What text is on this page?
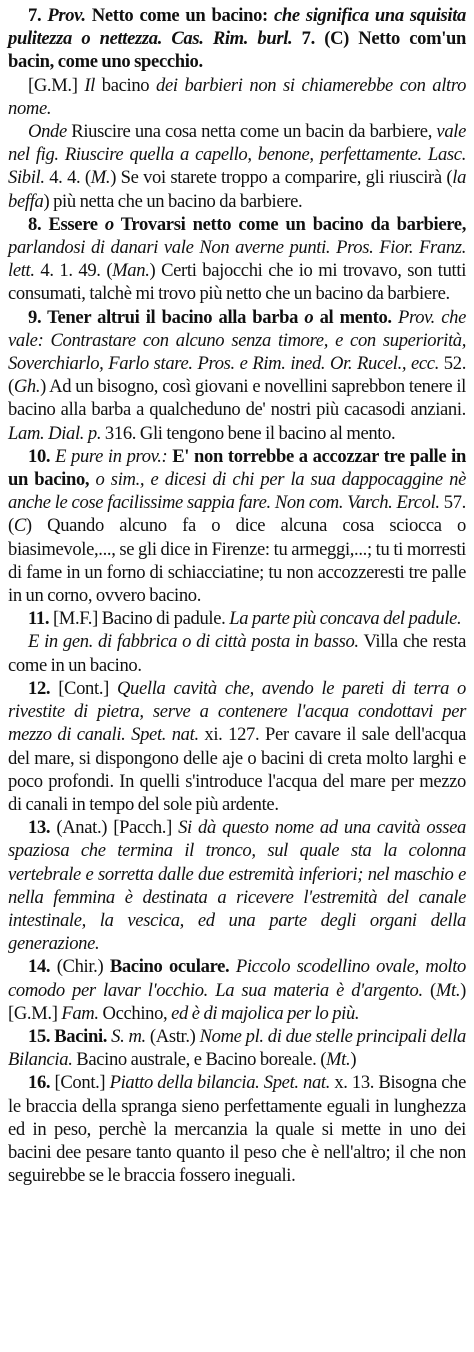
7. Prov. Netto come un bacino: che significa una squisita pulitezza o nettezza. Cas. Rim. burl. 7. (C) Netto com'un bacin, come uno specchio.

[G.M.] Il bacino dei barbieri non si chiamerebbe con altro nome.

Onde Riuscire una cosa netta come un bacin da barbiere, vale nel fig. Riuscire quella a capello, benone, perfettamente. Lasc. Sibil. 4. 4. (M.) Se voi starete troppo a comparire, gli riuscirà (la beffa) più netta che un bacino da barbiere.

8. Essere o Trovarsi netto come un bacino da barbiere, parlandosi di danari vale Non averne punti. Pros. Fior. Franz. lett. 4. 1. 49. (Man.) Certi bajocchi che io mi trovavo, son tutti consumati, talchè mi trovo più netto che un bacino da barbiere.

9. Tener altrui il bacino alla barba o al mento. Prov. che vale: Contrastare con alcuno senza timore, e con superiorità, Soverchiarlo, Farlo stare. Pros. e Rim. ined. Or. Rucel., ecc. 52. (Gh.) Ad un bisogno, così giovani e novellini saprebbon tenere il bacino alla barba a qualcheduno de' nostri più cacasodi anziani. Lam. Dial. p. 316. Gli tengono bene il bacino al mento.

10. E pure in prov.: E' non torrebbe a accozzar tre palle in un bacino, o sim., e dicesi di chi per la sua dappocaggine nè anche le cose facilissime sappia fare. Non com. Varch. Ercol. 57. (C) Quando alcuno fa o dice alcuna cosa sciocca o biasimevole,..., se gli dice in Firenze: tu armeggi,...; tu ti morresti di fame in un forno di schiacciatine; tu non accozzeresti tre palle in un corno, ovvero bacino.

11. [M.F.] Bacino di padule. La parte più concava del padule.

E in gen. di fabbrica o di città posta in basso. Villa che resta come in un bacino.

12. [Cont.] Quella cavità che, avendo le pareti di terra o rivestite di pietra, serve a contenere l'acqua condottavi per mezzo di canali. Spet. nat. xi. 127. Per cavare il sale dell'acqua del mare, si dispongono delle aje o bacini di creta molto larghi e poco profondi. In quelli s'introduce l'acqua del mare per mezzo di canali in tempo del sole più ardente.

13. (Anat.) [Pacch.] Si dà questo nome ad una cavità ossea spaziosa che termina il tronco, sul quale sta la colonna vertebrale e sorretta dalle due estremità inferiori; nel maschio e nella femmina è destinata a ricevere l'estremità del canale intestinale, la vescica, ed una parte degli organi della generazione.

14. (Chir.) Bacino oculare. Piccolo scodellino ovale, molto comodo per lavar l'occhio. La sua materia è d'argento. (Mt.) [G.M.] Fam. Occhino, ed è di majolica per lo più.

15. Bacini. S. m. (Astr.) Nome pl. di due stelle principali della Bilancia. Bacino australe, e Bacino boreale. (Mt.)

16. [Cont.] Piatto della bilancia. Spet. nat. x. 13. Bisogna che le braccia della spranga sieno perfettamente eguali in lunghezza ed in peso, perchè la mercanzia la quale si mette in uno dei bacini dee pesare tanto quanto il peso che è nell'altro; il che non seguirebbe se le braccia fossero ineguali.
